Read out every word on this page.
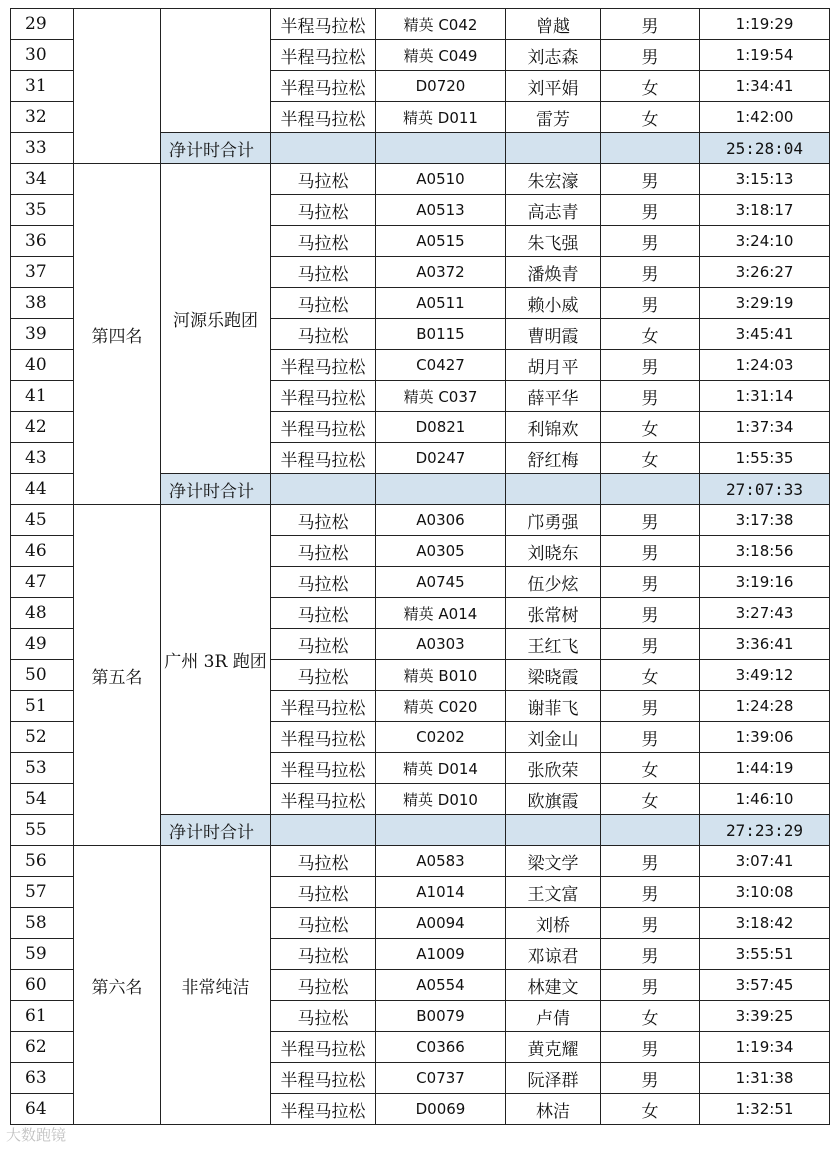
29			半程马拉松	精英 C042	曾越	男	1:19:29
30			半程马拉松	精英 C049	刘志森	男	1:19:54
31			半程马拉松	D0720	刘平娟	女	1:34:41
32			半程马拉松	精英 D011	雷芳	女	1:42:00
33		净计时合计					25:28:04
34	第四名	河源乐跑团	马拉松	A0510	朱宏濠	男	3:15:13
35			马拉松	A0513	高志青	男	3:18:17
36			马拉松	A0515	朱飞强	男	3:24:10
37			马拉松	A0372	潘焕青	男	3:26:27
38			马拉松	A0511	赖小威	男	3:29:19
39			马拉松	B0115	曹明霞	女	3:45:41
40			半程马拉松	C0427	胡月平	男	1:24:03
41			半程马拉松	精英 C037	薛平华	男	1:31:14
42			半程马拉松	D0821	利锦欢	女	1:37:34
43			半程马拉松	D0247	舒红梅	女	1:55:35
44		净计时合计					27:07:33
45	第五名	广州 3R 跑团	马拉松	A0306	邝勇强	男	3:17:38
46			马拉松	A0305	刘晓东	男	3:18:56
47			马拉松	A0745	伍少炫	男	3:19:16
48			马拉松	精英 A014	张常树	男	3:27:43
49			马拉松	A0303	王红飞	男	3:36:41
50			马拉松	精英 B010	梁晓霞	女	3:49:12
51			半程马拉松	精英 C020	谢菲飞	男	1:24:28
52			半程马拉松	C0202	刘金山	男	1:39:06
53			半程马拉松	精英 D014	张欣荣	女	1:44:19
54			半程马拉松	精英 D010	欧旗霞	女	1:46:10
55		净计时合计					27:23:29
56	第六名	非常纯洁	马拉松	A0583	梁文学	男	3:07:41
57			马拉松	A1014	王文富	男	3:10:08
58			马拉松	A0094	刘桥	男	3:18:42
59			马拉松	A1009	邓谅君	男	3:55:51
60			马拉松	A0554	林建文	男	3:57:45
61			马拉松	B0079	卢倩	女	3:39:25
62			半程马拉松	C0366	黄克耀	男	1:19:34
63			半程马拉松	C0737	阮泽群	男	1:31:38
64			半程马拉松	D0069	林洁	女	1:32:51
大数跑镜
